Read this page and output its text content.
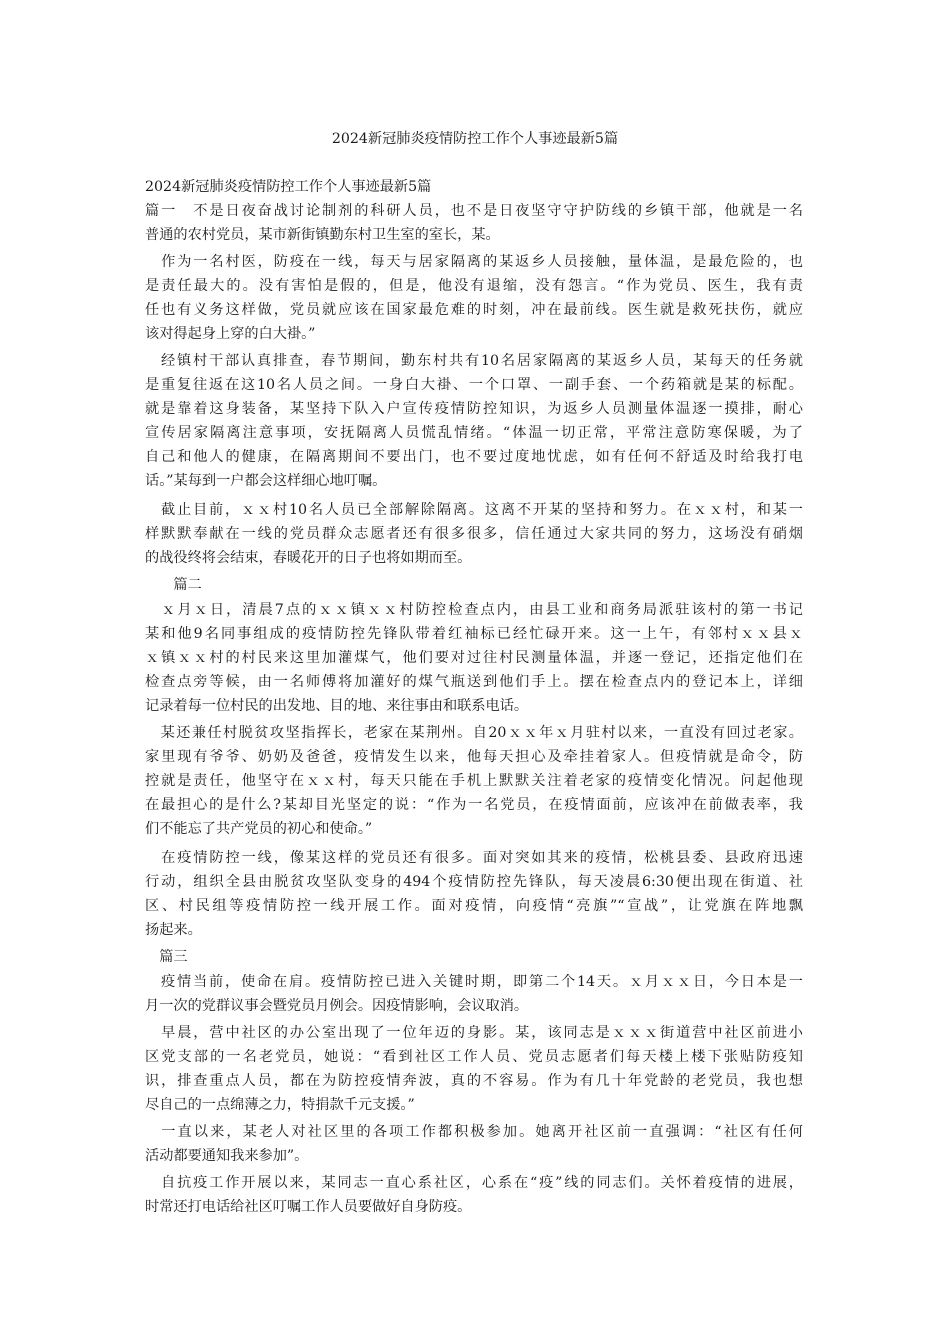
2024新冠肺炎疫情防控工作个人事迹最新5篇
2024新冠肺炎疫情防控工作个人事迹最新5篇
篇一　不是日夜奋战讨论制剂的科研人员，也不是日夜坚守守护防线的乡镇干部，他就是一名
普通的农村党员，某市新街镇勤东村卫生室的室长，某。
　作为一名村医，防疫在一线，每天与居家隔离的某返乡人员接触，量体温，是最危险的，也
是责任最大的。没有害怕是假的，但是，他没有退缩，没有怨言。“作为党员、医生，我有责
任也有义务这样做，党员就应该在国家最危难的时刻，冲在最前线。医生就是救死扶伤，就应
该对得起身上穿的白大褂。”
　经镇村干部认真排查，春节期间，勤东村共有10名居家隔离的某返乡人员，某每天的任务就
是重复往返在这10名人员之间。一身白大褂、一个口罩、一副手套、一个药箱就是某的标配。
就是靠着这身装备，某坚持下队入户宣传疫情防控知识，为返乡人员测量体温逐一摸排，耐心
宣传居家隔离注意事项，安抚隔离人员慌乱情绪。“体温一切正常，平常注意防寒保暖，为了
自己和他人的健康，在隔离期间不要出门，也不要过度地忧虑，如有任何不舒适及时给我打电
话。”某每到一户都会这样细心地叮嘱。
　截止目前，ｘｘ村10名人员已全部解除隔离。这离不开某的坚持和努力。在ｘｘ村，和某一
样默默奉献在一线的党员群众志愿者还有很多很多，信任通过大家共同的努力，这场没有硝烟
的战役终将会结束，春暖花开的日子也将如期而至。
　　篇二
　ｘ月ｘ日，清晨7点的ｘｘ镇ｘｘ村防控检查点内，由县工业和商务局派驻该村的第一书记
某和他9名同事组成的疫情防控先锋队带着红袖标已经忙碌开来。这一上午，有邻村ｘｘ县ｘ
ｘ镇ｘｘ村的村民来这里加灌煤气，他们要对过往村民测量体温，并逐一登记，还指定他们在
检查点旁等候，由一名师傅将加灌好的煤气瓶送到他们手上。摆在检查点内的登记本上，详细
记录着每一位村民的出发地、目的地、来往事由和联系电话。
　某还兼任村脱贫攻坚指挥长，老家在某荆州。自20ｘｘ年ｘ月驻村以来，一直没有回过老家。
家里现有爷爷、奶奶及爸爸，疫情发生以来，他每天担心及牵挂着家人。但疫情就是命令，防
控就是责任，他坚守在ｘｘ村，每天只能在手机上默默关注着老家的疫情变化情况。问起他现
在最担心的是什么?某却目光坚定的说：“作为一名党员，在疫情面前，应该冲在前做表率，我
们不能忘了共产党员的初心和使命。”
　在疫情防控一线，像某这样的党员还有很多。面对突如其来的疫情，松桃县委、县政府迅速
行动，组织全县由脱贫攻坚队变身的494个疫情防控先锋队，每天凌晨6:30便出现在街道、社
区、村民组等疫情防控一线开展工作。面对疫情，向疫情“亮旗”“宣战”，让党旗在阵地飘
扬起来。
　篇三
　疫情当前，使命在肩。疫情防控已进入关键时期，即第二个14天。ｘ月ｘｘ日，今日本是一
月一次的党群议事会暨党员月例会。因疫情影响，会议取消。
　早晨，营中社区的办公室出现了一位年迈的身影。某，该同志是ｘｘｘ街道营中社区前进小
区党支部的一名老党员，她说：“看到社区工作人员、党员志愿者们每天楼上楼下张贴防疫知
识，排查重点人员，都在为防控疫情奔波，真的不容易。作为有几十年党龄的老党员，我也想
尽自己的一点绵薄之力，特捐款千元支援。”
　一直以来，某老人对社区里的各项工作都积极参加。她离开社区前一直强调：“社区有任何
活动都要通知我来参加”。
　自抗疫工作开展以来，某同志一直心系社区，心系在“疫”线的同志们。关怀着疫情的进展，
时常还打电话给社区叮嘱工作人员要做好自身防疫。
